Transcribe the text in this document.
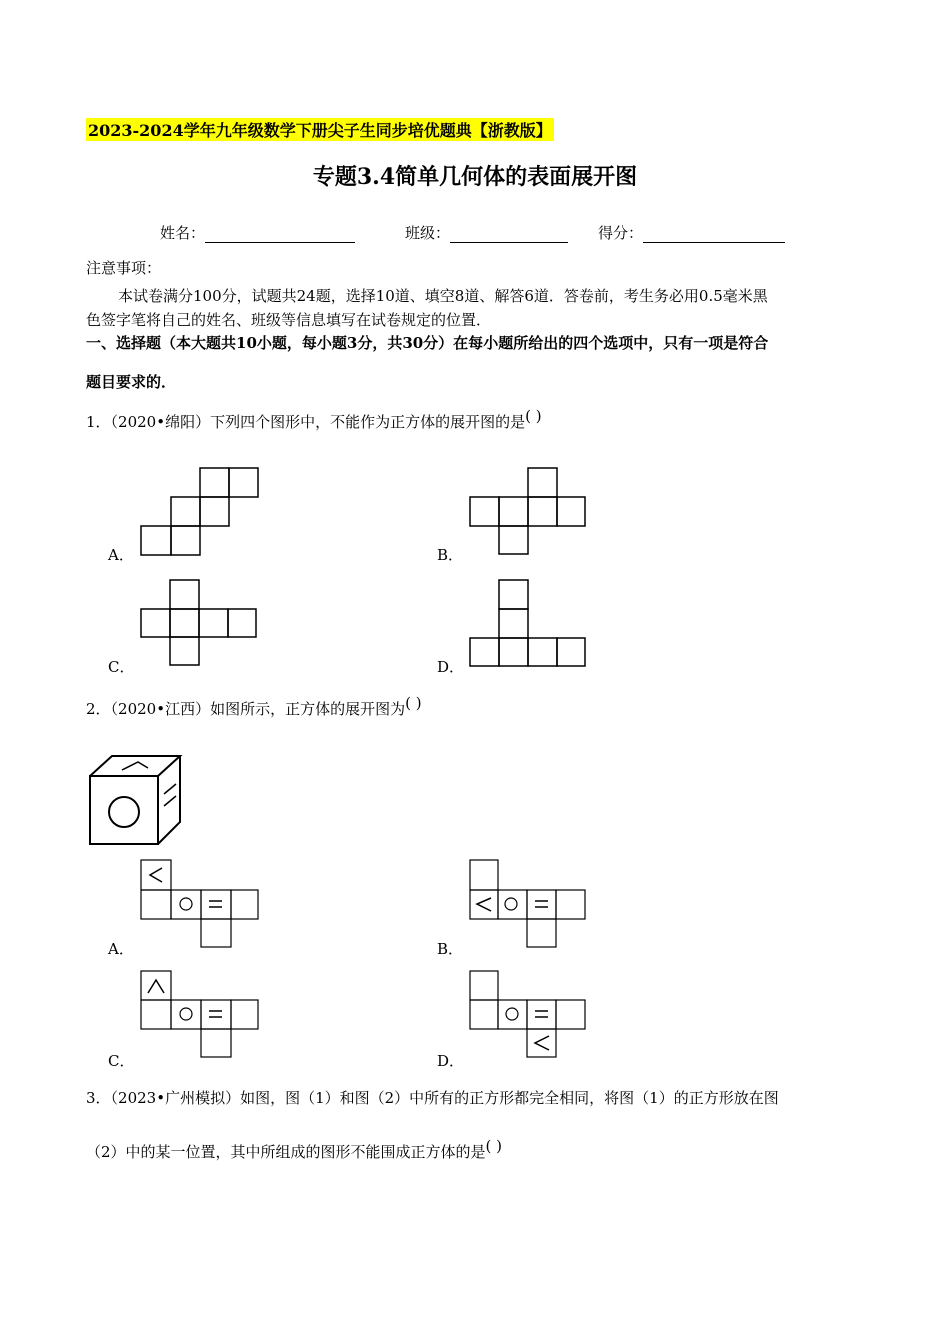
2023-2024学年九年级数学下册尖子生同步培优题典【浙教版】
专题3.4简单几何体的表面展开图
姓名：	班级：	得分：
注意事项：
本试卷满分100分，试题共24题，选择10道、填空8道、解答6道．答卷前，考生务必用0.5毫米黑
色签字笔将自己的姓名、班级等信息填写在试卷规定的位置．
一、选择题（本大题共10小题，每小题3分，共30分）在每小题所给出的四个选项中，只有一项是符合
题目要求的．
1．（2020•绵阳）下列四个图形中，不能作为正方体的展开图的是( )
A．	B．
C．	D．
2．（2020•江西）如图所示，正方体的展开图为( )
A．	B．
C．	D．
3．（2023•广州模拟）如图，图（1）和图（2）中所有的正方形都完全相同，将图（1）的正方形放在图
（2）中的某一位置，其中所组成的图形不能围成正方体的是( )
